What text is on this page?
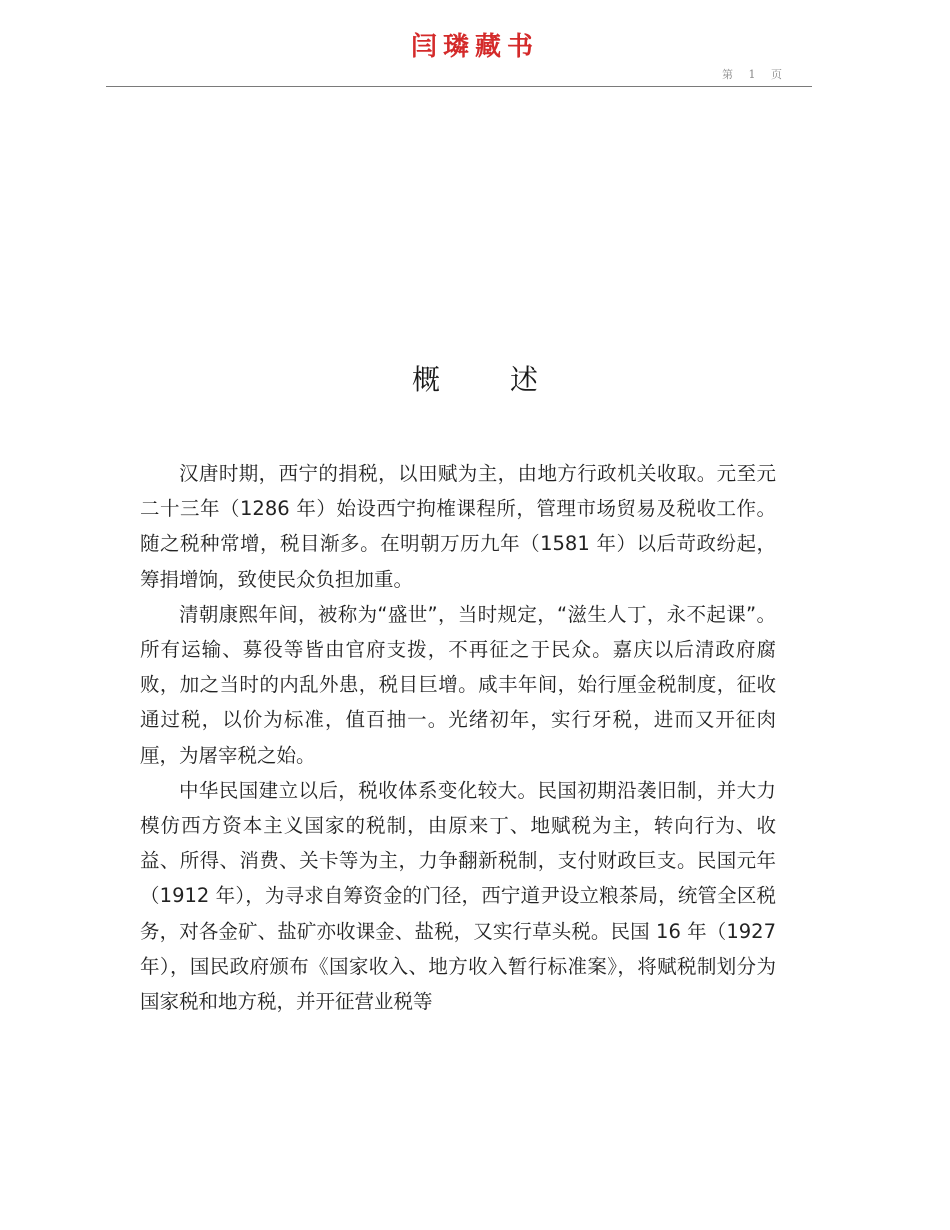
闫璘藏书
第 1 页
概	述

汉唐时期，西宁的捐税，以田赋为主，由地方行政机关收取。元至元二十三年（1286 年）始设西宁拘榷课程所，管理市场贸易及税收工作。随之税种常增，税目渐多。在明朝万历九年（1581 年）以后苛政纷起，筹捐增饷，致使民众负担加重。

清朝康熙年间，被称为“盛世”，当时规定，“滋生人丁，永不起课”。所有运输、募役等皆由官府支拨，不再征之于民众。嘉庆以后清政府腐败，加之当时的内乱外患，税目巨增。咸丰年间，始行厘金税制度，征收通过税，以价为标准，值百抽一。光绪初年，实行牙税，进而又开征肉厘，为屠宰税之始。

中华民国建立以后，税收体系变化较大。民国初期沿袭旧制，并大力模仿西方资本主义国家的税制，由原来丁、地赋税为主，转向行为、收益、所得、消费、关卡等为主，力争翻新税制，支付财政巨支。民国元年（1912 年），为寻求自筹资金的门径，西宁道尹设立粮茶局，统管全区税务，对各金矿、盐矿亦收课金、盐税，又实行草头税。民国 16 年（1927 年），国民政府颁布《国家收入、地方收入暂行标准案》，将赋税制划分为国家税和地方税，并开征营业税等
